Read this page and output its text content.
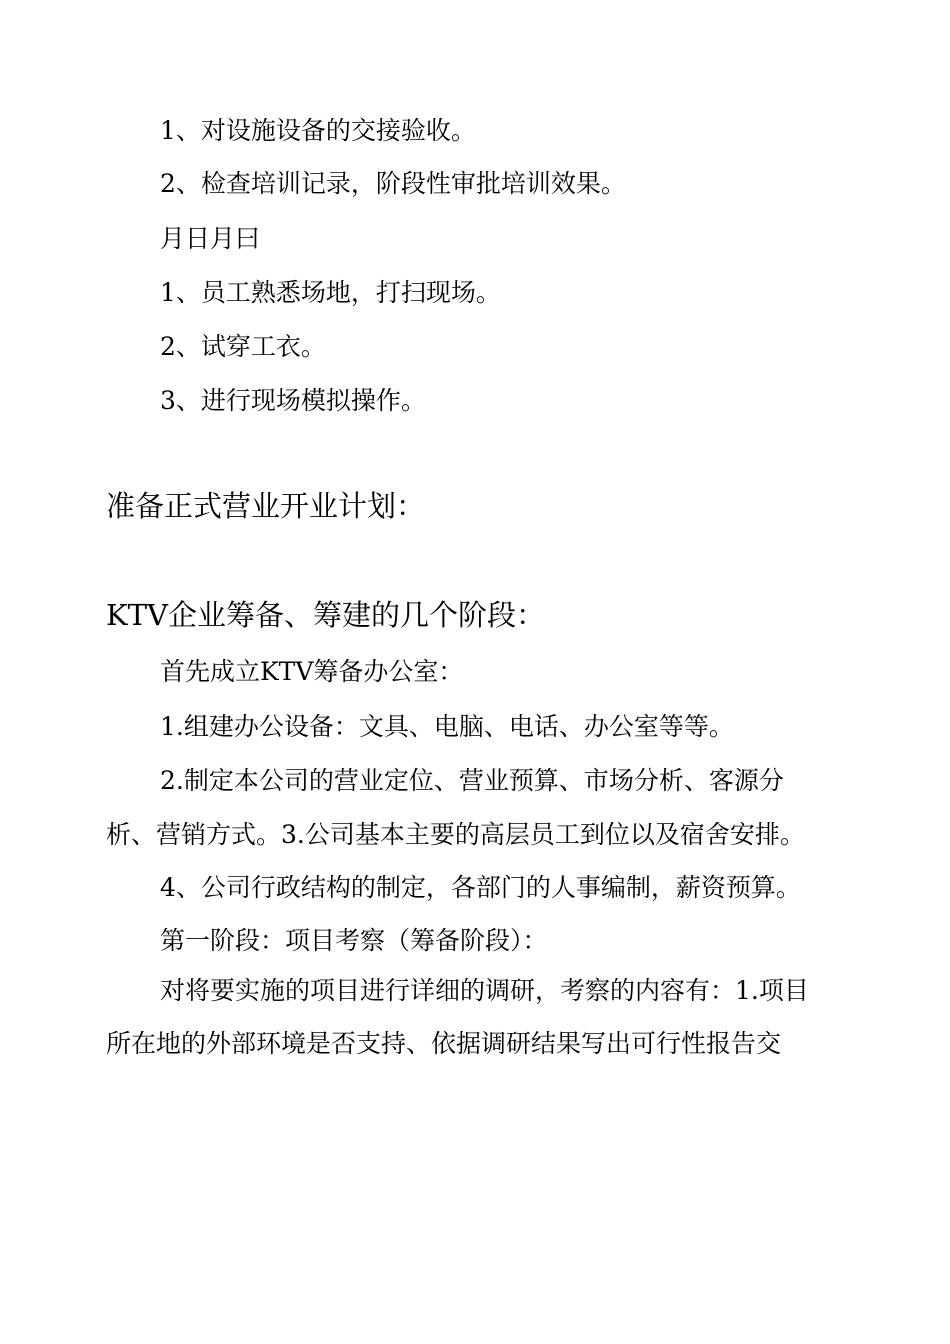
1、对设施设备的交接验收。

2、检查培训记录，阶段性审批培训效果。

月日月曰

1、员工熟悉场地，打扫现场。

2、试穿工衣。

3、进行现场模拟操作。

准备正式营业开业计划：
KTV企业筹备、筹建的几个阶段：

首先成立KTV筹备办公室：

1.组建办公设备：文具、电脑、电话、办公室等等。

2.制定本公司的营业定位、营业预算、市场分析、客源分

析、营销方式。3.公司基本主要的高层员工到位以及宿舍安排。

4、公司行政结构的制定，各部门的人事编制，薪资预算。

第一阶段：项目考察（筹备阶段）：

对将要实施的项目进行详细的调研，考察的内容有：1.项目

所在地的外部环境是否支持、依据调研结果写出可行性报告交
